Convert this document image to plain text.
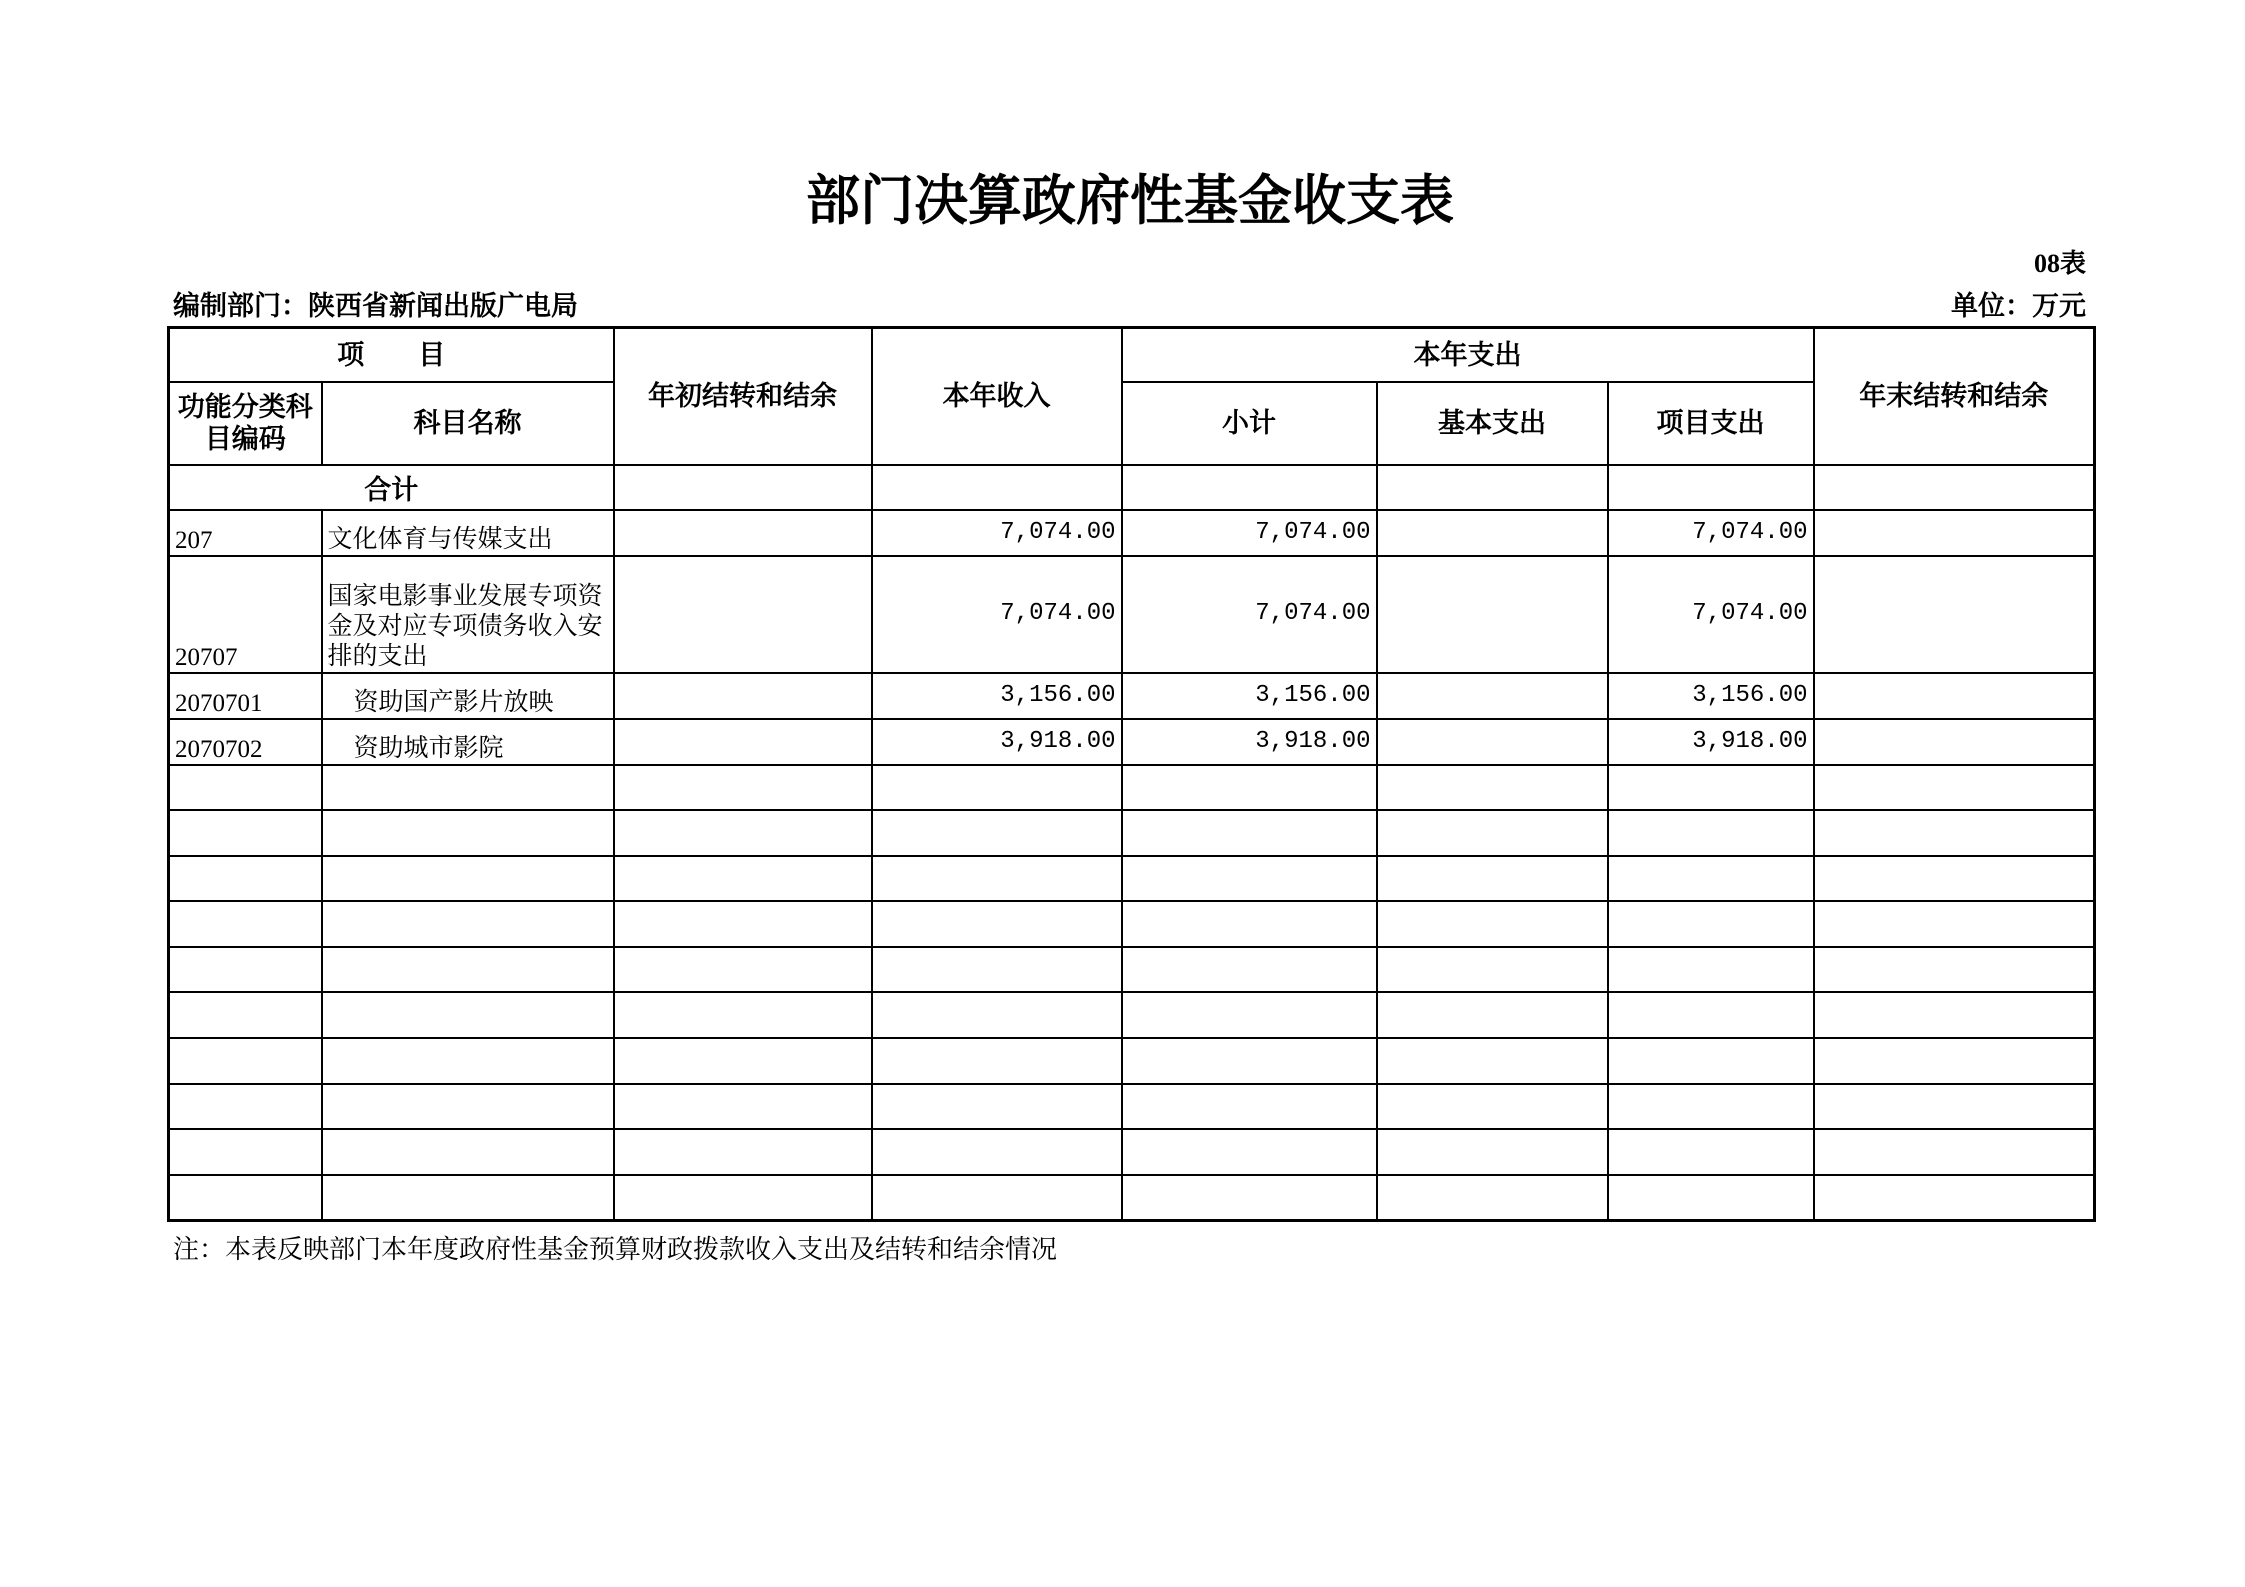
部门决算政府性基金收支表
08表
编制部门：陕西省新闻出版广电局	单位：万元
项　　目		年初结转和结余	本年收入	本年支出			年末结转和结余
功能分类科目编码	科目名称			小计	基本支出	项目支出	
合计							
207	文化体育与传媒支出		7,074.00	7,074.00		7,074.00	
20707	国家电影事业发展专项资金及对应专项债务收入安排的支出		7,074.00	7,074.00		7,074.00	
2070701	资助国产影片放映		3,156.00	3,156.00		3,156.00	
2070702	资助城市影院		3,918.00	3,918.00		3,918.00	

注：本表反映部门本年度政府性基金预算财政拨款收入支出及结转和结余情况
